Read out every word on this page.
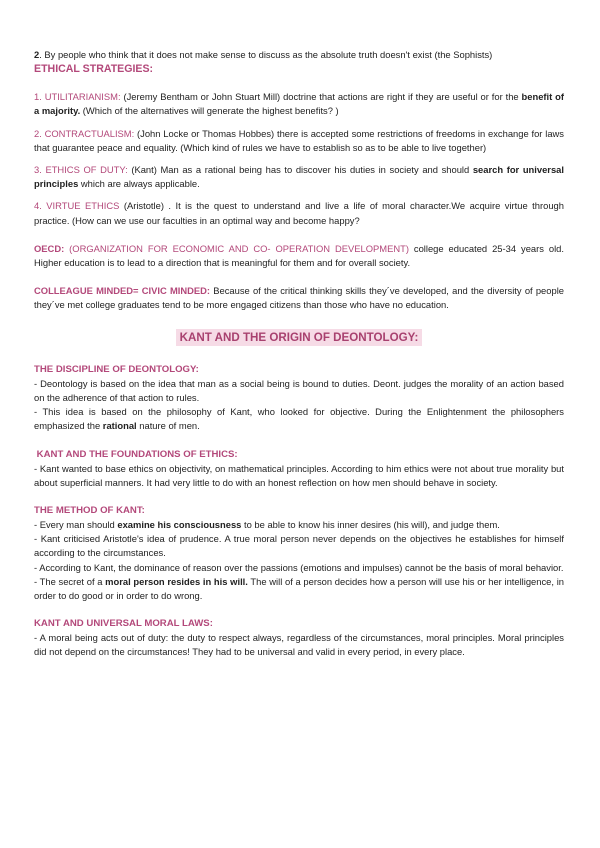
2. By people who think that it does not make sense to discuss as the absolute truth doesn't exist (the Sophists)

ETHICAL STRATEGIES:

1. UTILITARIANISM: (Jeremy Bentham or John Stuart Mill) doctrine that actions are right if they are useful or for the benefit of a majority. (Which of the alternatives will generate the highest benefits? )

2. CONTRACTUALISM: (John Locke or Thomas Hobbes) there is accepted some restrictions of freedoms in exchange for laws that guarantee peace and equality. (Which kind of rules we have to establish so as to be able to live together)

3. ETHICS OF DUTY: (Kant) Man as a rational being has to discover his duties in society and should search for universal principles which are always applicable.

4. VIRTUE ETHICS (Aristotle) . It is the quest to understand and live a life of moral character.We acquire virtue through practice. (How can we use our faculties in an optimal way and become happy?

OECD: (ORGANIZATION FOR ECONOMIC AND CO- OPERATION DEVELOPMENT) college educated 25-34 years old. Higher education is to lead to a direction that is meaningful for them and for overall society.

COLLEAGUE MINDED= CIVIC MINDED: Because of the critical thinking skills they´ve developed, and the diversity of people they´ve met college graduates tend to be more engaged citizens than those who have no education.

KANT AND THE ORIGIN OF DEONTOLOGY:

THE DISCIPLINE OF DEONTOLOGY:

- Deontology is based on the idea that man as a social being is bound to duties. Deont. judges the morality of an action based on the adherence of that action to rules.

- This idea is based on the philosophy of Kant, who looked for objective. During the Enlightenment the philosophers emphasized the rational nature of men.

KANT AND THE FOUNDATIONS OF ETHICS:

- Kant wanted to base ethics on objectivity, on mathematical principles. According to him ethics were not about true morality but about superficial manners. It had very little to do with an honest reflection on how men should behave in society.

THE METHOD OF KANT:

- Every man should examine his consciousness to be able to know his inner desires (his will), and judge them.

- Kant criticised Aristotle's idea of prudence. A true moral person never depends on the objectives he establishes for himself according to the circumstances.

- According to Kant, the dominance of reason over the passions (emotions and impulses) cannot be the basis of moral behavior.

- The secret of a moral person resides in his will. The will of a person decides how a person will use his or her intelligence, in order to do good or in order to do wrong.

KANT AND UNIVERSAL MORAL LAWS:

- A moral being acts out of duty: the duty to respect always, regardless of the circumstances, moral principles. Moral principles did not depend on the circumstances! They had to be universal and valid in every period, in every place.
